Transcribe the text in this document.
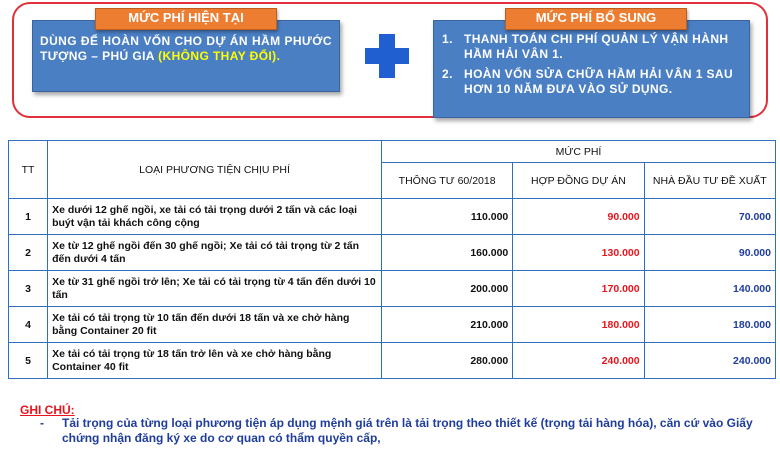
MỨC PHÍ HIỆN TẠI
DÙNG ĐỂ HOÀN VỐN CHO DỰ ÁN HẦM PHƯỚC TƯỢNG – PHÚ GIA (KHÔNG THAY ĐỔI).
MỨC PHÍ BỔ SUNG
1. THANH TOÁN CHI PHÍ QUẢN LÝ VẬN HÀNH HẦM HẢI VÂN 1.
2. HOÀN VỐN SỬA CHỮA HẦM HẢI VÂN 1 SAU HƠN 10 NĂM ĐƯA VÀO SỬ DỤNG.
TT	LOẠI PHƯƠNG TIỆN CHỊU PHÍ	MỨC PHÍ		
		THÔNG TƯ 60/2018	HỢP ĐỒNG DỰ ÁN	NHÀ ĐẦU TƯ ĐỀ XUẤT
1	Xe dưới 12 ghế ngồi, xe tải có tải trọng dưới 2 tấn và các loại buýt vận tải khách công cộng	110.000	90.000	70.000
2	Xe từ 12 ghế ngồi đến 30 ghế ngồi; Xe tải có tải trọng từ 2 tấn đến dưới 4 tấn	160.000	130.000	90.000
3	Xe từ 31 ghế ngồi trở lên; Xe tải có tải trọng từ 4 tấn đến dưới 10 tấn	200.000	170.000	140.000
4	Xe tải có tải trọng từ 10 tấn đến dưới 18 tấn và xe chở hàng bằng Container 20 fit	210.000	180.000	180.000
5	Xe tải có tải trọng từ 18 tấn trở lên và xe chở hàng bằng Container 40 fit	280.000	240.000	240.000
GHI CHÚ:
-	Tải trọng của từng loại phương tiện áp dụng mệnh giá trên là tải trọng theo thiết kế (trọng tải hàng hóa), căn cứ vào Giấy chứng nhận đăng ký xe do cơ quan có thẩm quyền cấp,
